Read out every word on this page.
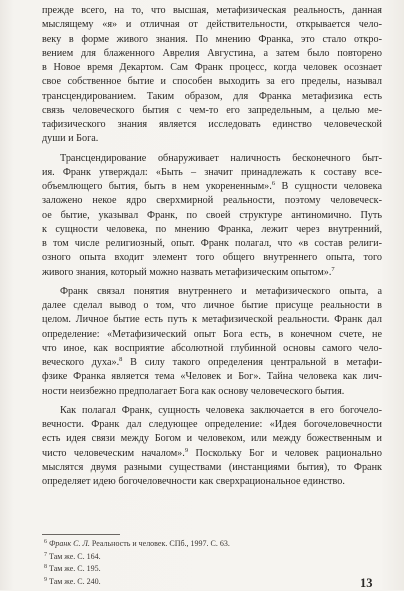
прежде всего, на то, что высшая, метафизическая реальность, данная
мыслящему «я» и отличная от действительности, открывается чело-
веку в форме живого знания. По мнению Франка, это стало откро-
вением для блаженного Аврелия Августина, а затем было повторено
в Новое время Декартом. Сам Франк процесс, когда человек осознает
свое собственное бытие и способен выходить за его пределы, называл
трансцендированием. Таким образом, для Франка метафизика есть
связь человеческого бытия с чем-то его запредельным, а целью ме-
тафизического знания является исследовать единство человеческой
души и Бога.
Трансцендирование обнаруживает наличность бесконечного быт-
ия. Франк утверждал: «Быть – значит принадлежать к составу все-
объемлющего бытия, быть в нем укорененным».$^6$ В сущности человека
заложено некое ядро сверхмирной реальности, поэтому человеческ-
ое бытие, указывал Франк, по своей структуре антиномично. Путь
к сущности человека, по мнению Франка, лежит через внутренний,
в том числе религиозный, опыт. Франк полагал, что «в состав религи-
озного опыта входит элемент того общего внутреннего опыта, того
живого знания, который можно назвать метафизическим опытом».$^7$
Франк связал понятия внутреннего и метафизического опыта, а
далее сделал вывод о том, что личное бытие присуще реальности в
целом. Личное бытие есть путь к метафизической реальности. Франк дал
определение: «Метафизический опыт Бога есть, в конечном счете, не
что иное, как восприятие абсолютной глубинной основы самого чело-
веческого духа».$^8$ В силу такого определения центральной в метафи-
фзике Франка является тема «Человек и Бог». Тайна человека как лич-
ности неизбежно предполагает Бога как основу человеческого бытия.
Как полагал Франк, сущность человека заключается в его богочело-
вечности. Франк дал следующее определение: «Идея богочеловечности
есть идея связи между Богом и человеком, или между божественным и
чисто человеческим началом».$^9$ Поскольку Бог и человек рационально
мыслятся двумя разными существами (инстанциями бытия), то Франк
определяет идею богочеловечности как сверхрациональное единство.
$^6$ Франк С. Л. Реальность и человек. СПб., 1997. С. 63.
$^7$ Там же. С. 164.
$^8$ Там же. С. 195.
$^9$ Там же. С. 240.	13
